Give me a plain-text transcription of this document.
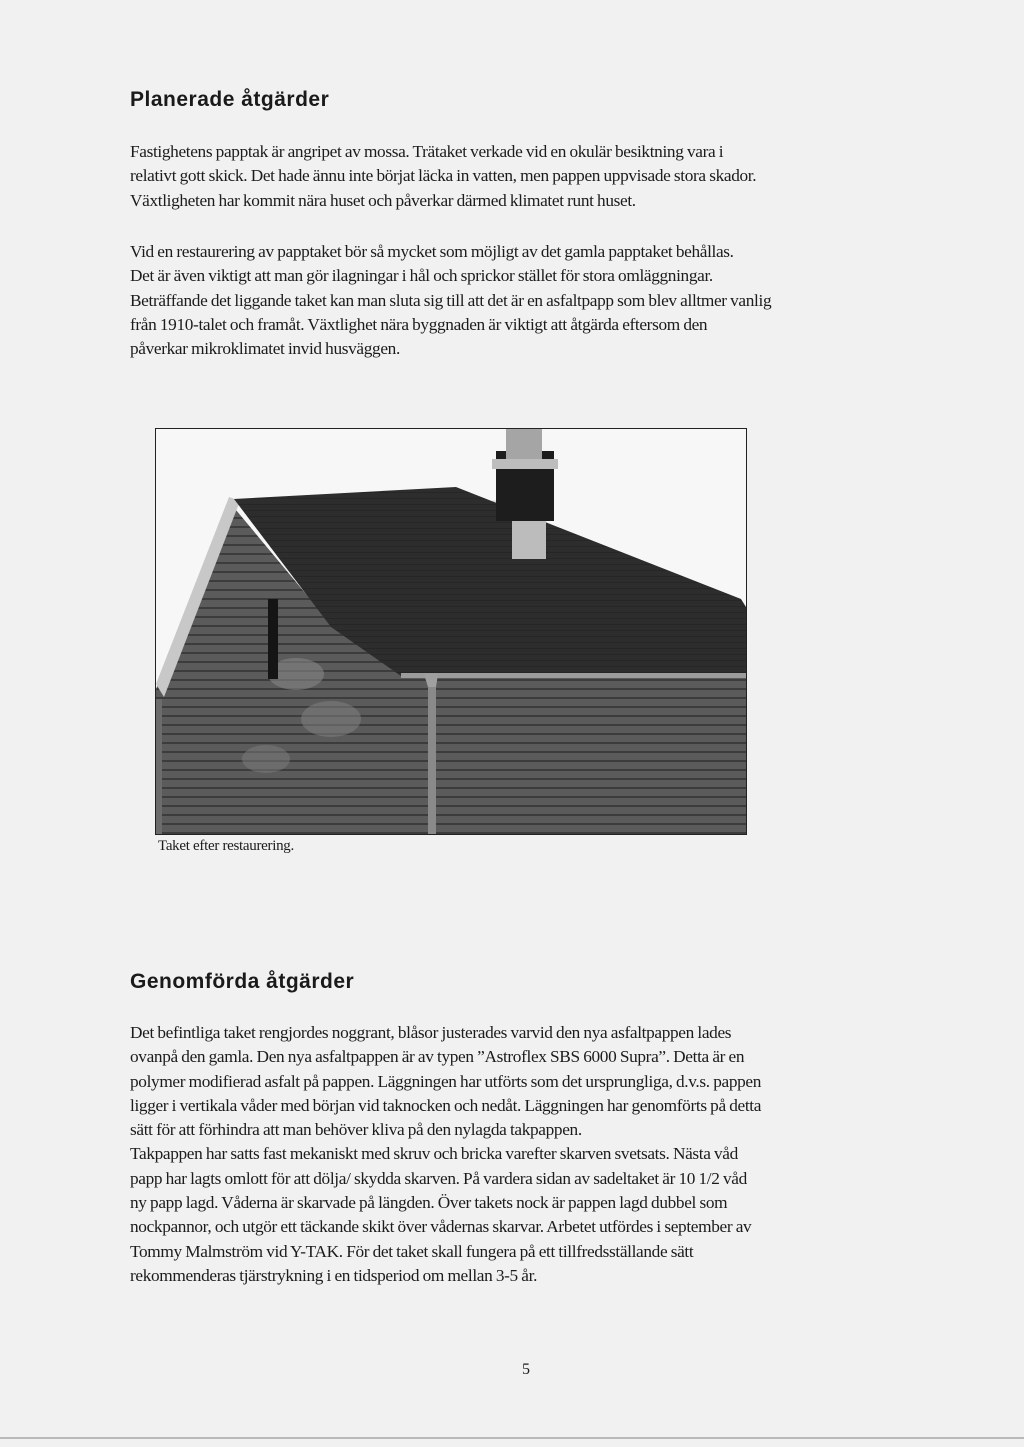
Planerade åtgärder

Fastighetens papptak är angripet av mossa. Trätaket verkade vid en okulär besiktning vara i
relativt gott skick. Det hade ännu inte börjat läcka in vatten, men pappen uppvisade stora skador.
Växtligheten har kommit nära huset och påverkar därmed klimatet runt huset.

Vid en restaurering av papptaket bör så mycket som möjligt av det gamla papptaket behållas.
Det är även viktigt att man gör ilagningar i hål och sprickor stället för stora omläggningar.
Beträffande det liggande taket kan man sluta sig till att det är en asfaltpapp som blev alltmer vanlig
från 1910-talet och framåt. Växtlighet nära byggnaden är viktigt att åtgärda eftersom den
påverkar mikroklimatet invid husväggen.

Taket efter restaurering.
Genomförda åtgärder

Det befintliga taket rengjordes noggrant, blåsor justerades varvid den nya asfaltpappen lades
ovanpå den gamla. Den nya asfaltpappen är av typen ”Astroflex SBS 6000 Supra”. Detta är en
polymer modifierad asfalt på pappen. Läggningen har utförts som det ursprungliga, d.v.s. pappen
ligger i vertikala våder med början vid taknocken och nedåt. Läggningen har genomförts på detta
sätt för att förhindra att man behöver kliva på den nylagda takpappen.
Takpappen har satts fast mekaniskt med skruv och bricka varefter skarven svetsats. Nästa våd
papp har lagts omlott för att dölja/ skydda skarven. På vardera sidan av sadeltaket är 10 1/2 våd
ny papp lagd. Våderna är skarvade på längden. Över takets nock är pappen lagd dubbel som
nockpannor, och utgör ett täckande skikt över vådernas skarvar. Arbetet utfördes i september av
Tommy Malmström vid Y-TAK. För det taket skall fungera på ett tillfredsställande sätt
rekommenderas tjärstrykning i en tidsperiod om mellan 3-5 år.

5
